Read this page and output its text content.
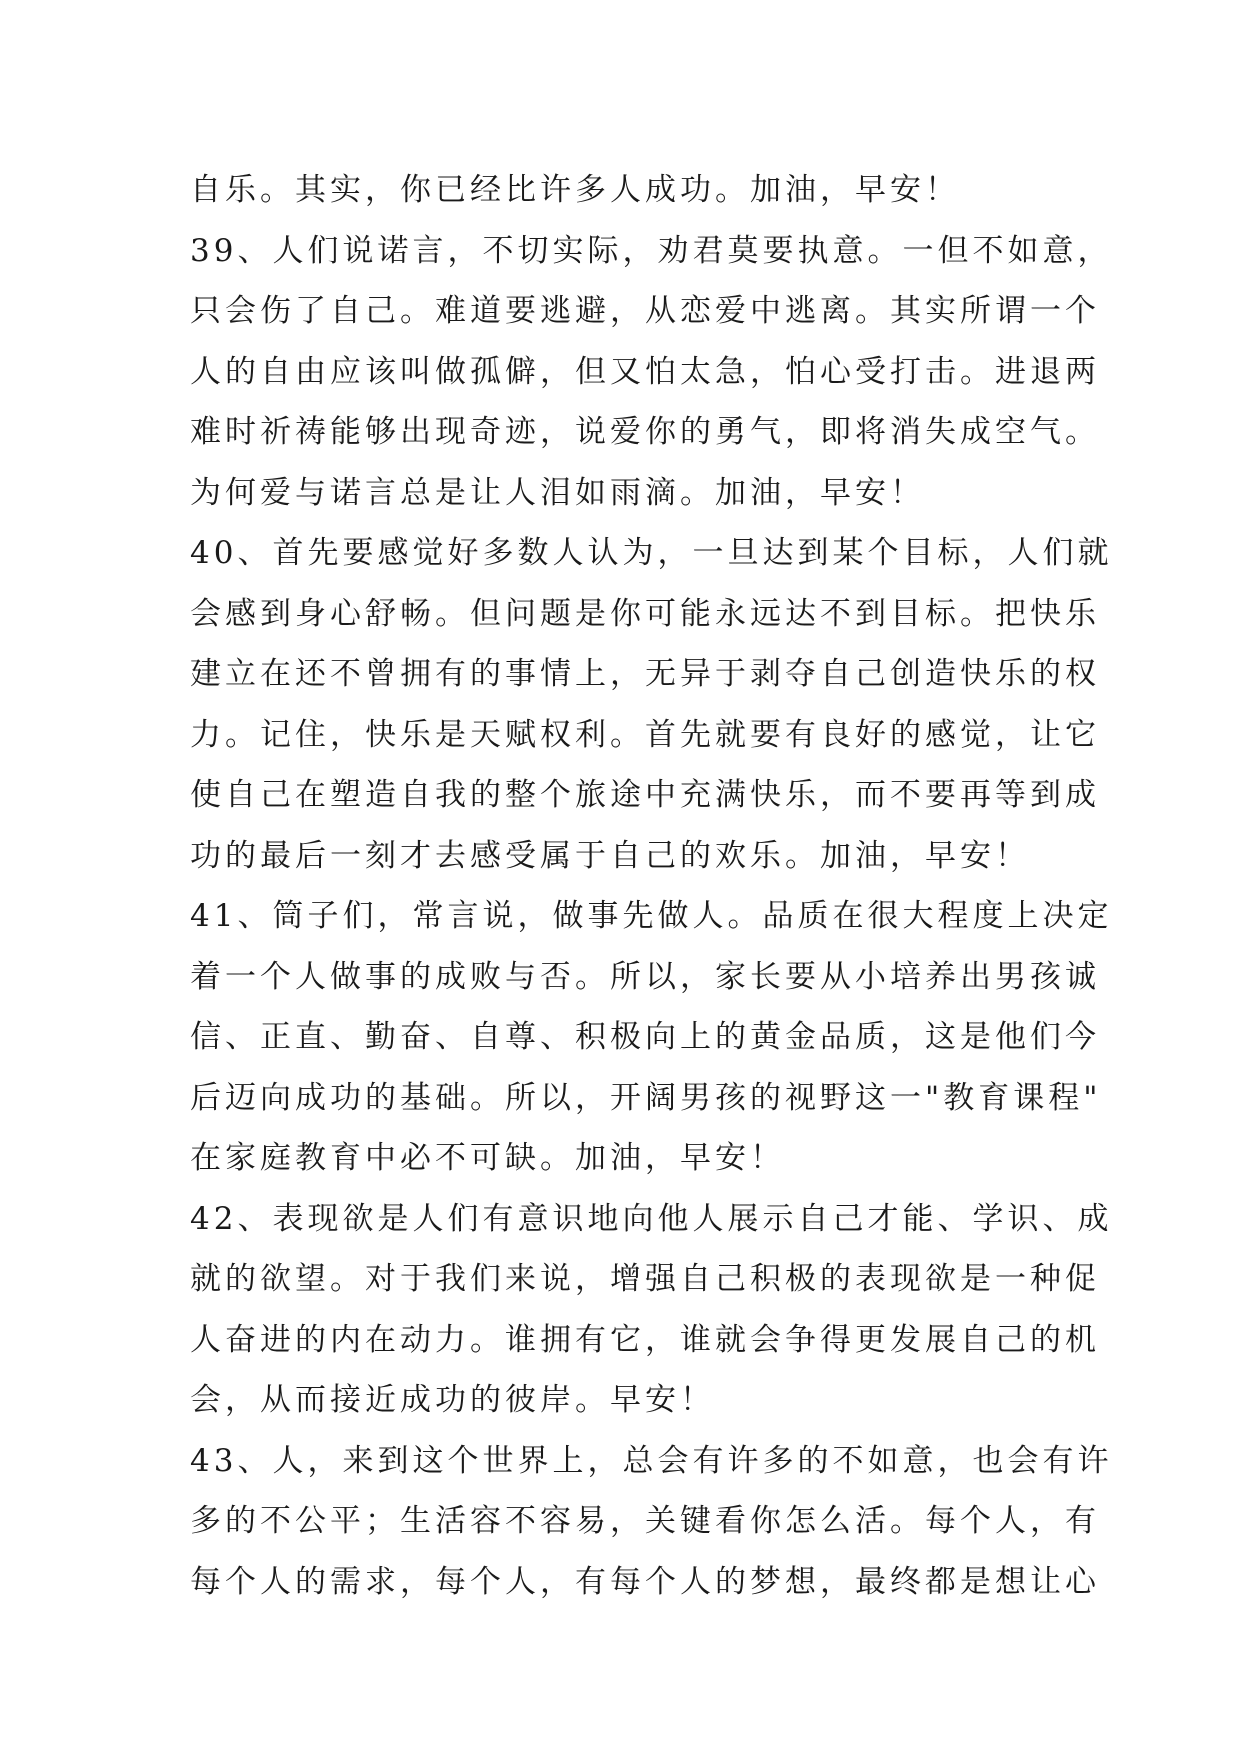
自乐。其实，你已经比许多人成功。加油，早安！
39、人们说诺言，不切实际，劝君莫要执意。一但不如意，
只会伤了自己。难道要逃避，从恋爱中逃离。其实所谓一个
人的自由应该叫做孤僻，但又怕太急，怕心受打击。进退两
难时祈祷能够出现奇迹，说爱你的勇气，即将消失成空气。
为何爱与诺言总是让人泪如雨滴。加油，早安！
40、首先要感觉好多数人认为，一旦达到某个目标，人们就
会感到身心舒畅。但问题是你可能永远达不到目标。把快乐
建立在还不曾拥有的事情上，无异于剥夺自己创造快乐的权
力。记住，快乐是天赋权利。首先就要有良好的感觉，让它
使自己在塑造自我的整个旅途中充满快乐，而不要再等到成
功的最后一刻才去感受属于自己的欢乐。加油，早安！
41、筒子们，常言说，做事先做人。品质在很大程度上决定
着一个人做事的成败与否。所以，家长要从小培养出男孩诚
信、正直、勤奋、自尊、积极向上的黄金品质，这是他们今
后迈向成功的基础。所以，开阔男孩的视野这一"教育课程"
在家庭教育中必不可缺。加油，早安！
42、表现欲是人们有意识地向他人展示自己才能、学识、成
就的欲望。对于我们来说，增强自己积极的表现欲是一种促
人奋进的内在动力。谁拥有它，谁就会争得更发展自己的机
会，从而接近成功的彼岸。早安！
43、人，来到这个世界上，总会有许多的不如意，也会有许
多的不公平；生活容不容易，关键看你怎么活。每个人，有
每个人的需求，每个人，有每个人的梦想，最终都是想让心
